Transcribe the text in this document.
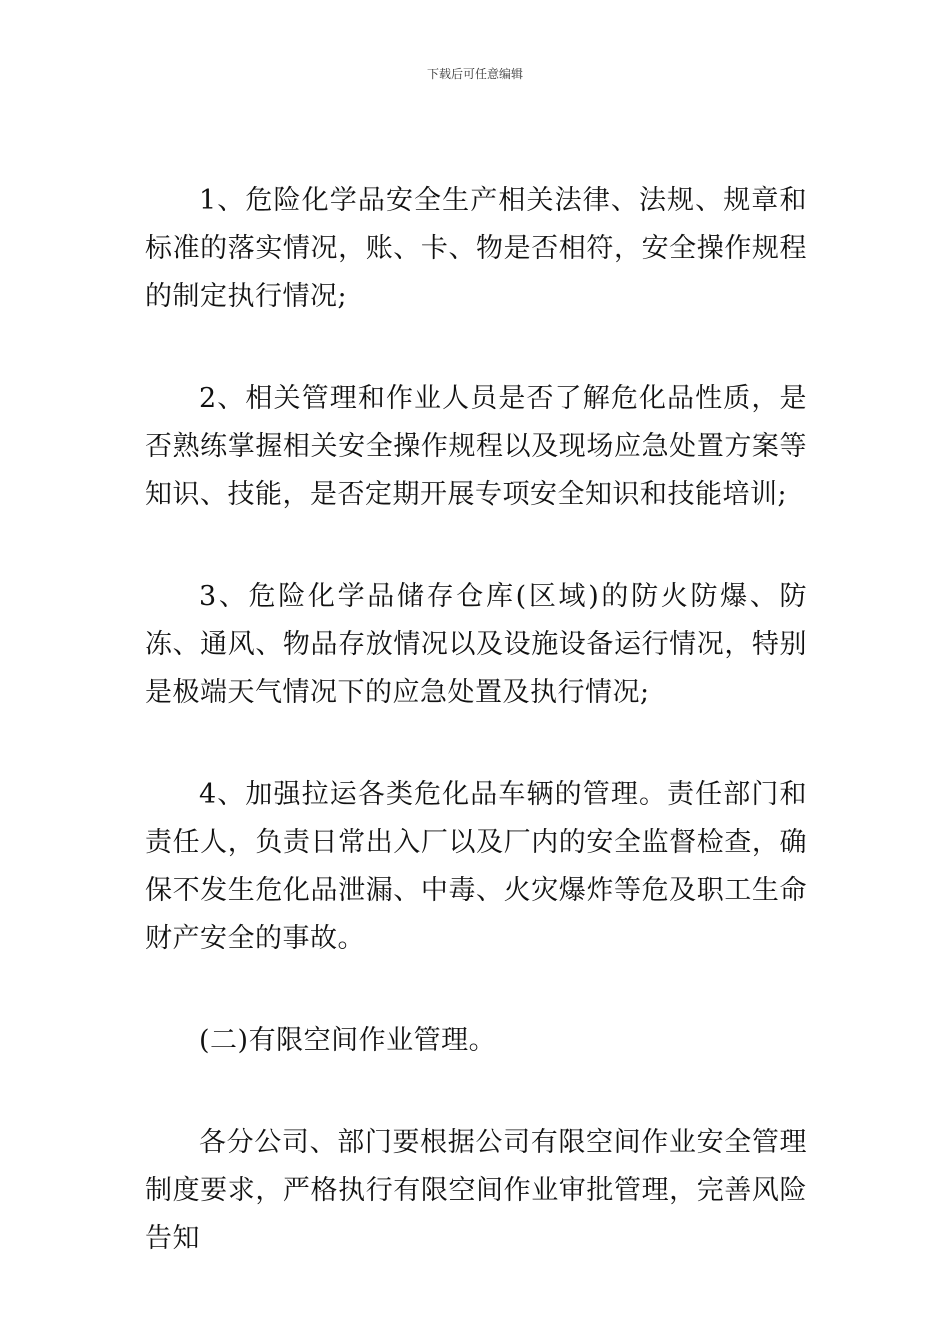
下载后可任意编辑

1、危险化学品安全生产相关法律、法规、规章和标准的落实情况，账、卡、物是否相符，安全操作规程的制定执行情况;

2、相关管理和作业人员是否了解危化品性质，是否熟练掌握相关安全操作规程以及现场应急处置方案等知识、技能，是否定期开展专项安全知识和技能培训;

3、危险化学品储存仓库(区域)的防火防爆、防冻、通风、物品存放情况以及设施设备运行情况，特别是极端天气情况下的应急处置及执行情况;

4、加强拉运各类危化品车辆的管理。责任部门和责任人，负责日常出入厂以及厂内的安全监督检查，确保不发生危化品泄漏、中毒、火灾爆炸等危及职工生命财产安全的事故。

(二)有限空间作业管理。

各分公司、部门要根据公司有限空间作业安全管理制度要求，严格执行有限空间作业审批管理，完善风险告知
